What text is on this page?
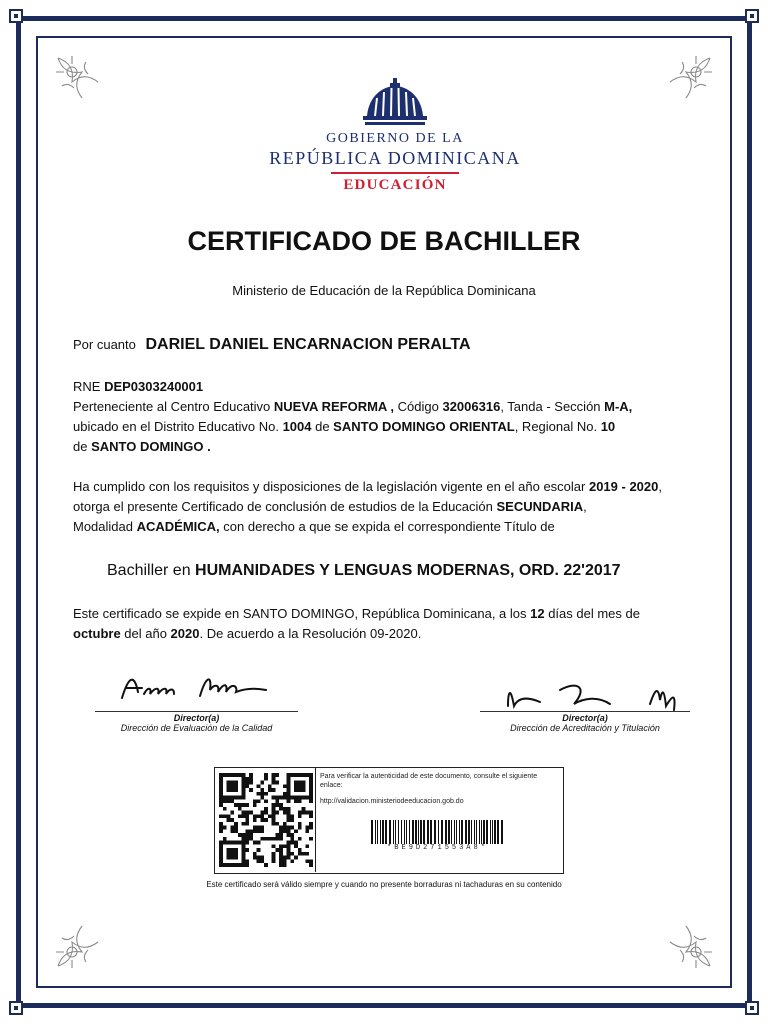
GOBIERNO DE LA
REPÚBLICA DOMINICANA
EDUCACIÓN
CERTIFICADO DE BACHILLER
Ministerio de Educación de la República Dominicana
Por cuanto DARIEL DANIEL ENCARNACION PERALTA
RNE DEP0303240001
Perteneciente al Centro Educativo NUEVA REFORMA , Código 32006316, Tanda - Sección M-A,
ubicado en el Distrito Educativo No. 1004 de SANTO DOMINGO ORIENTAL, Regional No. 10
de SANTO DOMINGO .
Ha cumplido con los requisitos y disposiciones de la legislación vigente en el año escolar 2019 - 2020, otorga el presente Certificado de conclusión de estudios de la Educación SECUNDARIA,
Modalidad ACADÉMICA, con derecho a que se expida el correspondiente Título de
Bachiller en HUMANIDADES Y LENGUAS MODERNAS, ORD. 22'2017
Este certificado se expide en SANTO DOMINGO, República Dominicana, a los 12 días del mes de
octubre del año 2020. De acuerdo a la Resolución 09-2020.
Director(a)
Dirección de Evaluación de la Calidad
Director(a)
Dirección de Acreditación y Titulación
Para verificar la autenticidad de este documento, consulte el siguiente enlace:
http://validacion.ministeriodeeducacion.gob.do
*BE9D271553A8*
Este certificado será válido siempre y cuando no presente borraduras ni tachaduras en su contenido
